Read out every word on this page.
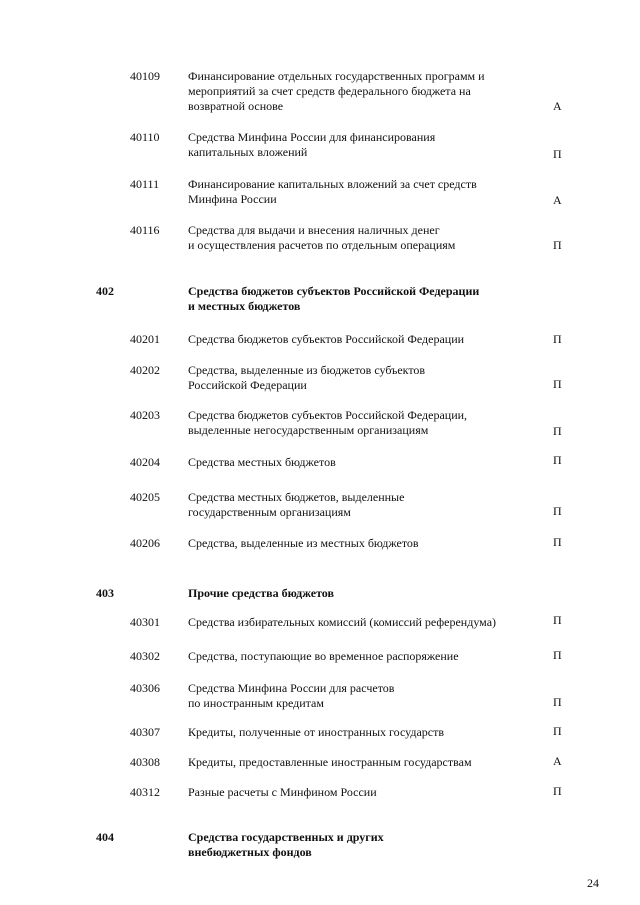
40109 Финансирование отдельных государственных программ и
мероприятий за счет средств федерального бюджета на
возвратной основе	А
40110 Средства Минфина России для финансирования
капитальных вложений	П
40111 Финансирование капитальных вложений за счет средств
Минфина России	А
40116 Средства для выдачи и внесения наличных денег
и осуществления расчетов по отдельным операциям	П
402	Средства бюджетов субъектов Российской Федерации
и местных бюджетов
40201 Средства бюджетов субъектов Российской Федерации	П
40202 Средства, выделенные из бюджетов субъектов
Российской Федерации	П
40203 Средства бюджетов субъектов Российской Федерации,
выделенные негосударственным организациям	П
40204 Средства местных бюджетов	П
40205 Средства местных бюджетов, выделенные
государственным организациям	П
40206 Средства, выделенные из местных бюджетов	П
403	Прочие средства бюджетов
40301 Средства избирательных комиссий (комиссий референдума)	П
40302 Средства, поступающие во временное распоряжение	П
40306 Средства Минфина России для расчетов
по иностранным кредитам	П
40307 Кредиты, полученные от иностранных государств	П
40308 Кредиты, предоставленные иностранным государствам	А
40312 Разные расчеты с Минфином России	П
404	Средства государственных и других
внебюджетных фондов
24
